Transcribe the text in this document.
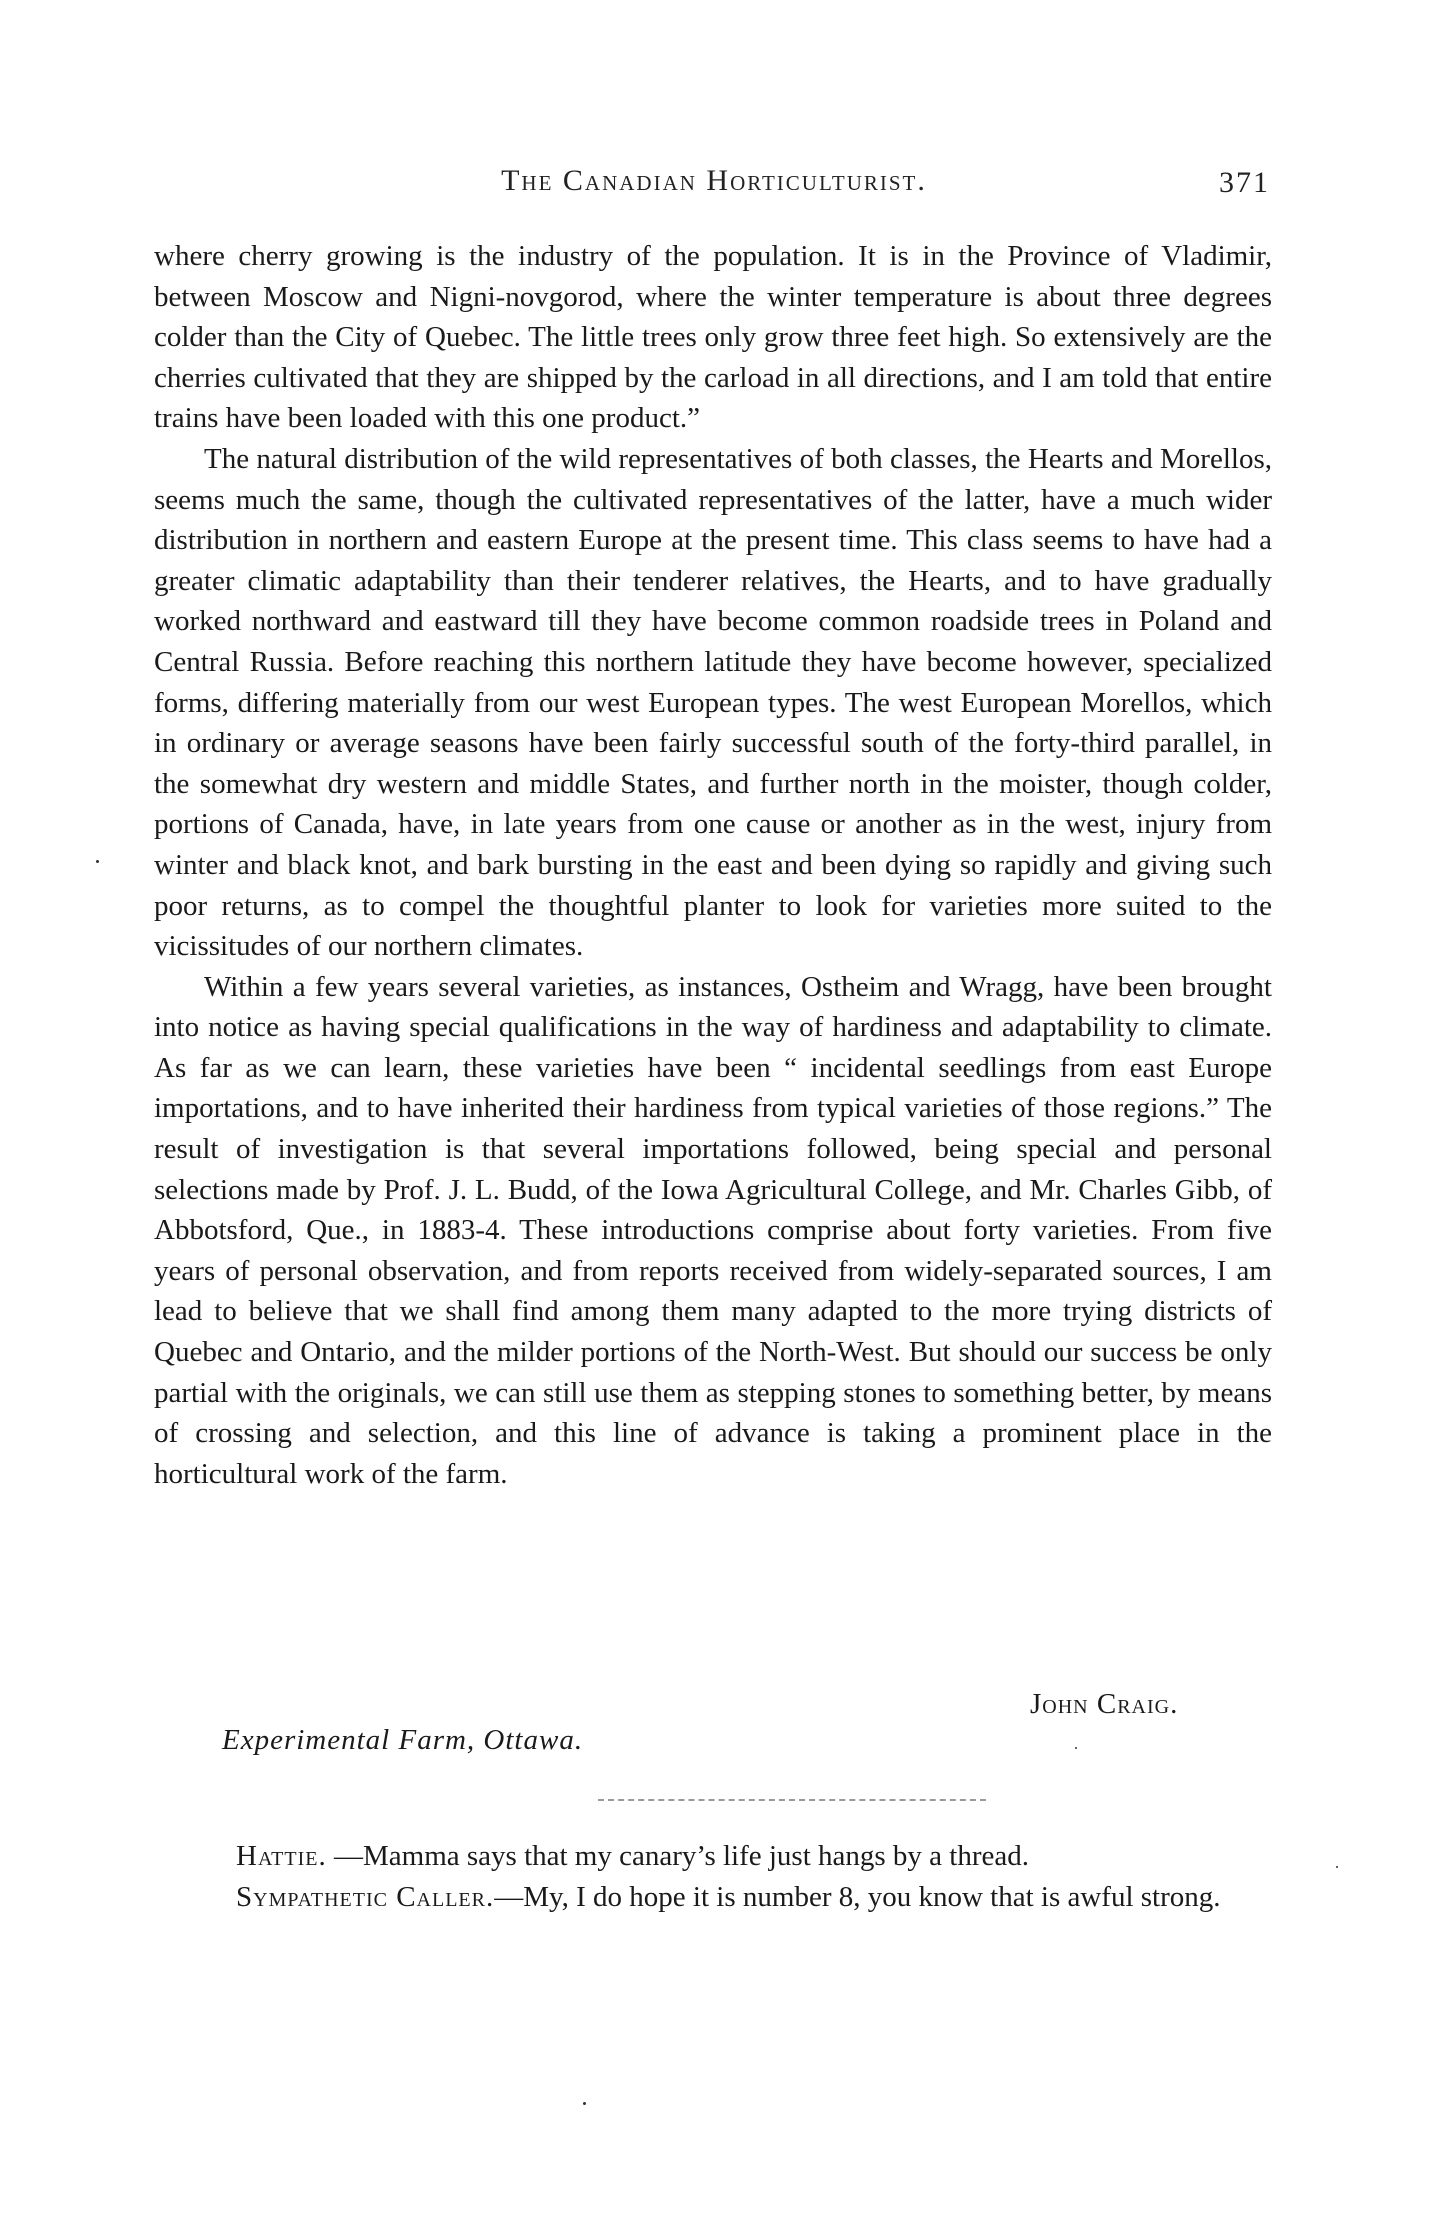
The Canadian Horticulturist.	371

where cherry growing is the industry of the population. It is in the Province of Vladimir, between Moscow and Nigni-novgorod, where the winter temperature is about three degrees colder than the City of Quebec. The little trees only grow three feet high. So extensively are the cherries cultivated that they are shipped by the carload in all directions, and I am told that entire trains have been loaded with this one product.”

The natural distribution of the wild representatives of both classes, the Hearts and Morellos, seems much the same, though the cultivated representatives of the latter, have a much wider distribution in northern and eastern Europe at the present time. This class seems to have had a greater climatic adaptability than their tenderer relatives, the Hearts, and to have gradually worked northward and eastward till they have become common roadside trees in Poland and Central Russia. Before reaching this northern latitude they have become however, specialized forms, differing materially from our west European types. The west European Morellos, which in ordinary or average seasons have been fairly successful south of the forty-third parallel, in the somewhat dry western and middle States, and further north in the moister, though colder, portions of Canada, have, in late years from one cause or another as in the west, injury from winter and black knot, and bark bursting in the east and been dying so rapidly and giving such poor returns, as to compel the thoughtful planter to look for varieties more suited to the vicissitudes of our northern climates.

Within a few years several varieties, as instances, Ostheim and Wragg, have been brought into notice as having special qualifications in the way of hardiness and adaptability to climate. As far as we can learn, these varieties have been “ incidental seedlings from east Europe importations, and to have inherited their hardiness from typical varieties of those regions.” The result of investigation is that several importations followed, being special and personal selections made by Prof. J. L. Budd, of the Iowa Agricultural College, and Mr. Charles Gibb, of Abbotsford, Que., in 1883-4. These introductions comprise about forty varieties. From five years of personal observation, and from reports received from widely-separated sources, I am lead to believe that we shall find among them many adapted to the more trying districts of Quebec and Ontario, and the milder portions of the North-West. But should our success be only partial with the originals, we can still use them as stepping stones to something better, by means of crossing and selection, and this line of advance is taking a prominent place in the horticultural work of the farm.

John Craig.
Experimental Farm, Ottawa.

Hattie. —Mamma says that my canary’s life just hangs by a thread.

Sympathetic Caller.—My, I do hope it is number 8, you know that is awful strong.
